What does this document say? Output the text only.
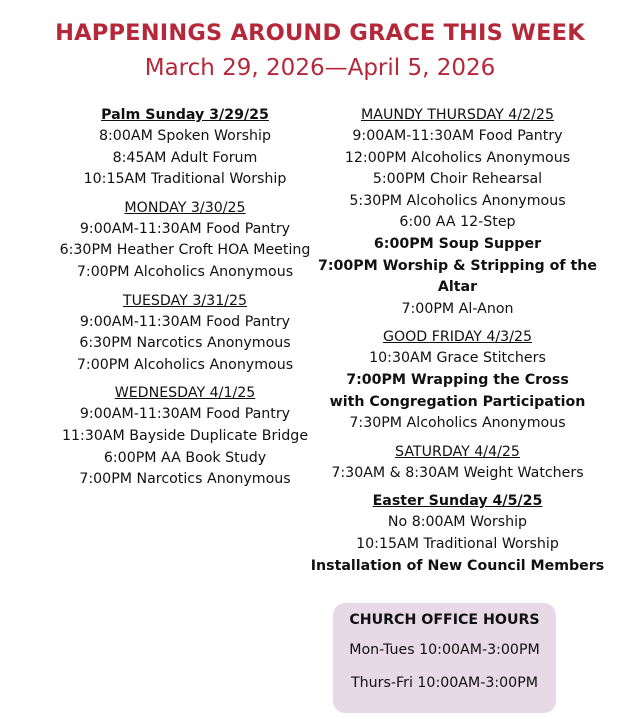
HAPPENINGS AROUND GRACE THIS WEEK
March 29, 2026—April 5, 2026
Palm Sunday 3/29/25
8:00AM Spoken Worship
8:45AM Adult Forum
10:15AM Traditional Worship
MONDAY 3/30/25
9:00AM-11:30AM Food Pantry
6:30PM Heather Croft HOA Meeting
7:00PM Alcoholics Anonymous
TUESDAY 3/31/25
9:00AM-11:30AM Food Pantry
6:30PM Narcotics Anonymous
7:00PM Alcoholics Anonymous
WEDNESDAY 4/1/25
9:00AM-11:30AM Food Pantry
11:30AM Bayside Duplicate Bridge
6:00PM AA Book Study
7:00PM Narcotics Anonymous
MAUNDY THURSDAY 4/2/25
9:00AM-11:30AM Food Pantry
12:00PM Alcoholics Anonymous
5:00PM Choir Rehearsal
5:30PM Alcoholics Anonymous
6:00 AA 12-Step
6:00PM Soup Supper
7:00PM Worship & Stripping of the
Altar
7:00PM Al-Anon
GOOD FRIDAY 4/3/25
10:30AM Grace Stitchers
7:00PM Wrapping the Cross
with Congregation Participation
7:30PM Alcoholics Anonymous
SATURDAY 4/4/25
7:30AM & 8:30AM Weight Watchers
Easter Sunday 4/5/25
No 8:00AM Worship
10:15AM Traditional Worship
Installation of New Council Members
CHURCH OFFICE HOURS
Mon-Tues 10:00AM-3:00PM
Thurs-Fri 10:00AM-3:00PM
